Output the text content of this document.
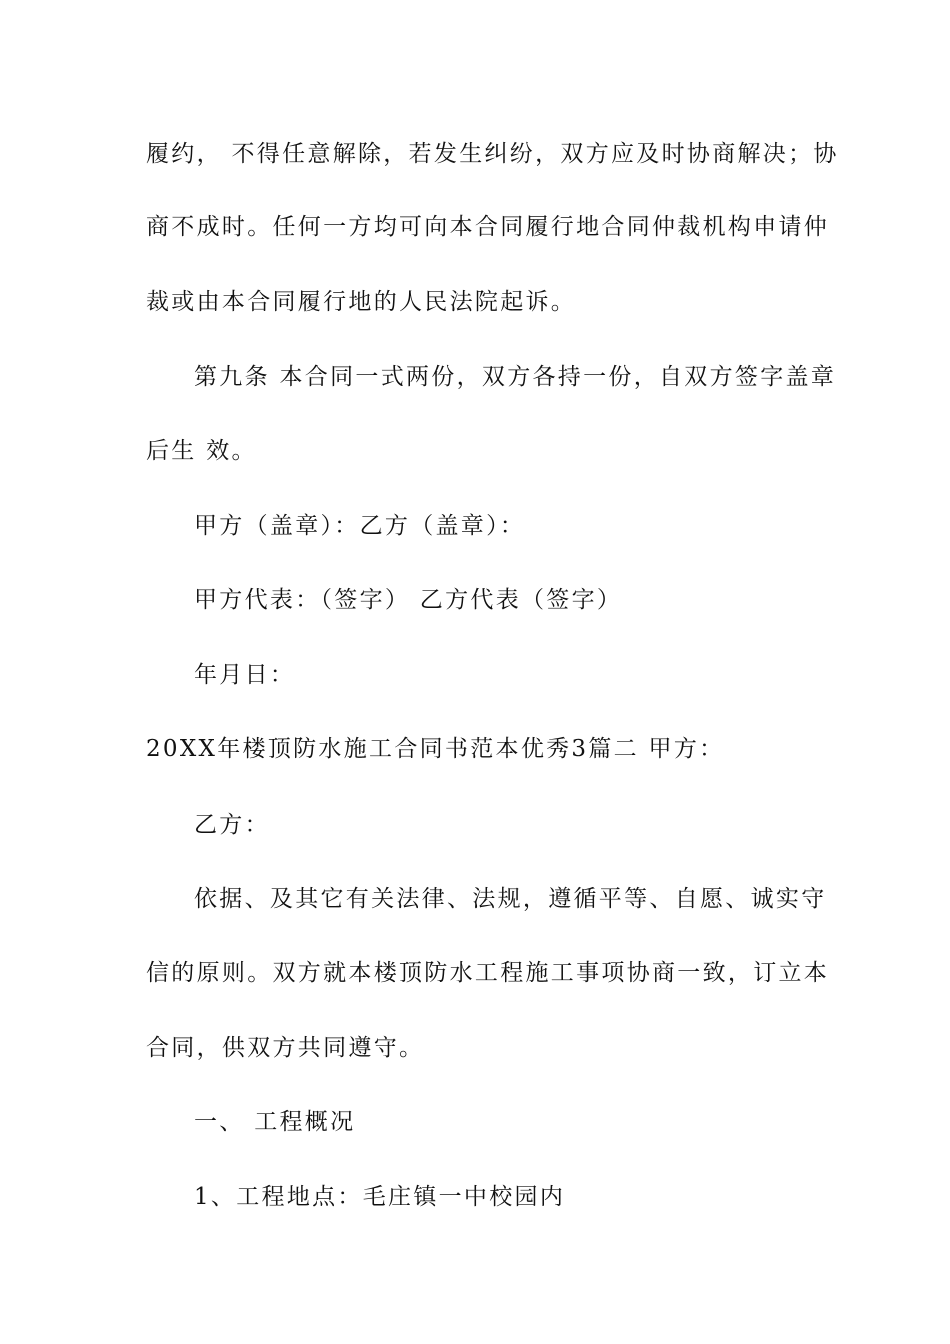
履约， 不得任意解除，若发生纠纷，双方应及时协商解决；协
商不成时。任何一方均可向本合同履行地合同仲裁机构申请仲
裁或由本合同履行地的人民法院起诉。
第九条 本合同一式两份，双方各持一份，自双方签字盖章
后生 效。
甲方（盖章）：乙方（盖章）：
甲方代表：（签字） 乙方代表（签字）
年月日：
20XX年楼顶防水施工合同书范本优秀3篇二 甲方：
乙方：
依据、及其它有关法律、法规，遵循平等、自愿、诚实守
信的原则。双方就本楼顶防水工程施工事项协商一致，订立本
合同，供双方共同遵守。
一、 工程概况
1、工程地点：毛庄镇一中校园内
